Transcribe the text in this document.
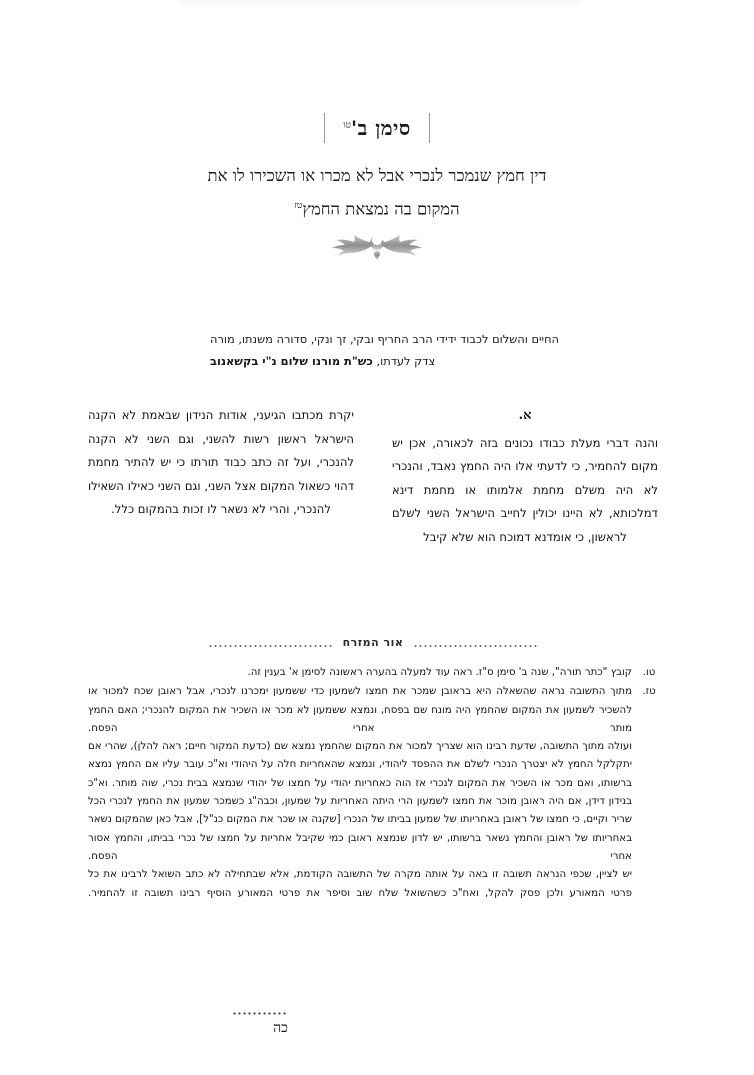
סימן $ב'^{טו}$
דין חמץ שנמכר לנכרי אבל לא מכרו או השכירו לו את
המקום בה נמצאת החמץ$^{טז}$
החיים והשלום לכבוד ידידי הרב החריף ובקי, זך ונקי, סדורה משנתו, מורה
צדק לעדתו, כש"ת מורנו שלום נ"י בקשאנוב

יקרת מכתבו הגיעני, אודות הנידון שבאמת לא הקנה הישראל ראשון רשות להשני, וגם השני לא הקנה להנכרי, ועל זה כתב כבוד תורתו כי יש להתיר מחמת דהוי כשאול המקום אצל השני, וגם השני כאילו השאילו להנכרי, והרי לא נשאר לו זכות בהמקום כלל.

א.

והנה דברי מעלת כבודו נכונים בזה לכאורה, אכן יש מקום להחמיר, כי לדעתי אלו היה החמץ נאבד, והנכרי לא היה משלם מחמת אלמותו או מחמת דינא דמלכותא, לא היינו יכולין לחייב הישראל השני לשלם לראשון, כי אומדנא דמוכח הוא שלא קיבל

אור המזרח
טו.

קובץ "כתר תורה", שנה ב' סימן ס"ז. ראה עוד למעלה בהערה ראשונה לסימן א' בענין זה.

טז.

מתוך התשובה נראה שהשאלה היא בראובן שמכר את חמצו לשמעון כדי ששמעון ימכרנו לנכרי, אבל ראובן שכח למכור או להשכיר לשמעון את המקום שהחמץ היה מונח שם בפסח, ונמצא ששמעון לא מכר או השכיר את המקום להנכרי; האם החמץ מותר אחרי הפסח.

ועולה מתוך התשובה, שדעת רבינו הוא שצריך למכור את המקום שהחמץ נמצא שם (כדעת המקור חיים; ראה להלן), שהרי אם יתקלקל החמץ לא יצטרך הנכרי לשלם את ההפסד ליהודי, ונמצא שהאחריות חלה על היהודי וא"כ עובר עליו אם החמץ נמצא ברשותו, ואם מכר או השכיר את המקום לנכרי אז הוה כאחריות יהודי על חמצו של יהודי שנמצא בבית נכרי, שוה מותר. וא"כ בנידון דידן, אם היה ראובן מוכר את חמצו לשמעון הרי היתה האחריות על שמעון, וכבה"ג כשמכר שמעון את החמץ לנכרי הכל שריר וקיים, כי חמצו של ראובן באחריותו של שמעון בביתו של הנכרי [שקנה או שכר את המקום כנ"ל], אבל כאן שהמקום נשאר באחריותו של ראובן והחמץ נשאר ברשותו, יש לדון שנמצא ראובן כמי שקיבל אחריות על חמצו של נכרי בביתו, והחמץ אסור אחרי הפסח.

יש לציין, שכפי הנראה תשובה זו באה על אותה מקרה של התשובה הקודמת, אלא שבתחילה לא כתב השואל לרבינו את כל פרטי המאורע ולכן פסק להקל, ואח"כ כשהשואל שלח שוב וסיפר את פרטי המאורע הוסיף רבינו תשובה זו להחמיר.

כה
